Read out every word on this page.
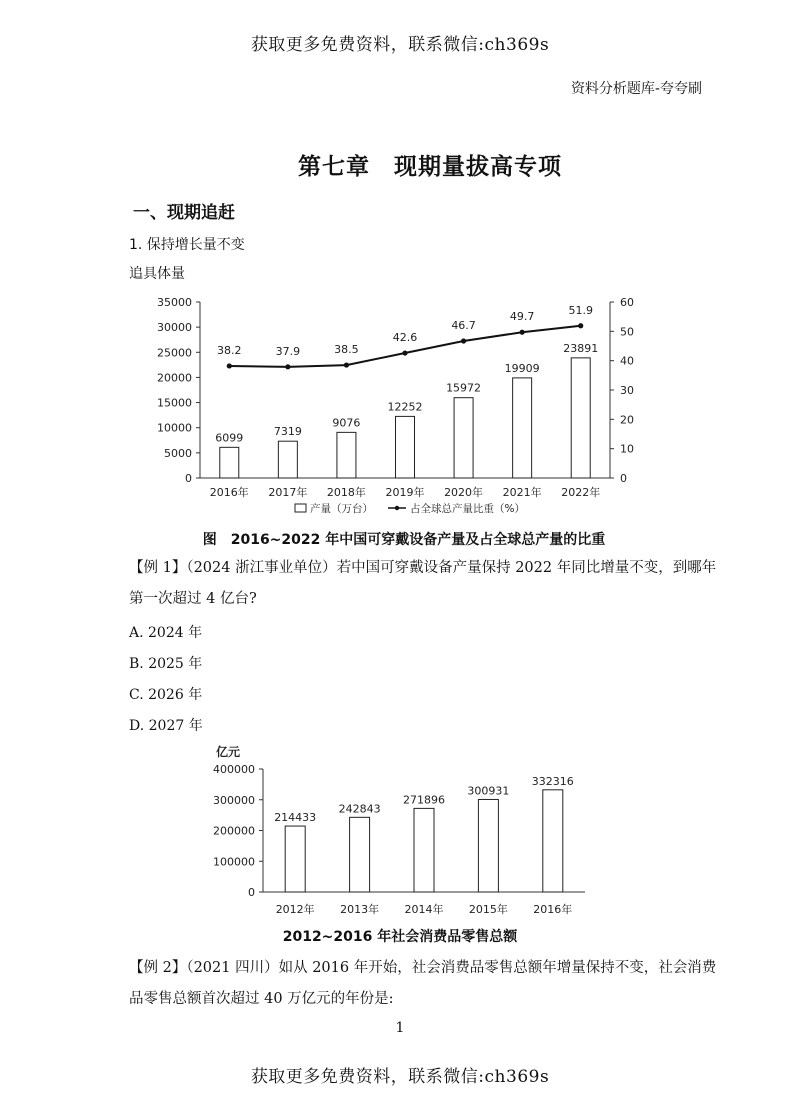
获取更多免费资料，联系微信:ch369s
资料分析题库-夸夸刷
第七章　现期量拔高专项
一、现期追赶
1. 保持增长量不变
追具体量
0
5000
10000
15000
20000
25000
30000
35000
0
10
20
30
40
50
60
2016年 2017年 2018年 2019年 2020年 2021年 2022年
6099	7319
9076
12252
15972
19909
23891
38.2	37.9	38.5
42.6
46.7
49.7	51.9
产量（万台）	占全球总产量比重（%）
图　2016~2022 年中国可穿戴设备产量及占全球总产量的比重
【例 1】（2024 浙江事业单位）若中国可穿戴设备产量保持 2022 年同比增量不变，到哪年
第一次超过 4 亿台?
A. 2024 年
B. 2025 年
C. 2026 年
D. 2027 年
亿元
0
100000
200000
300000
400000
2012年 2013年 2014年 2015年 2016年
214433
242843
271896
300931
332316
2012~2016 年社会消费品零售总额
【例 2】（2021 四川）如从 2016 年开始，社会消费品零售总额年增量保持不变，社会消费
品零售总额首次超过 40 万亿元的年份是:
1
获取更多免费资料，联系微信:ch369s
